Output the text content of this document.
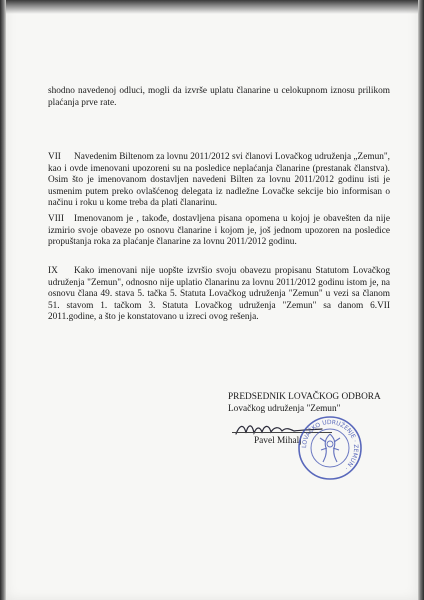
shodno navedenoj odluci, mogli da izvrše uplatu članarine u celokupnom iznosu prilikom plaćanja prve rate.
VII Navedenim Biltenom za lovnu 2011/2012 svi članovi Lovačkog udruženja „Zemun", kao i ovde imenovani upozoreni su na posledice neplaćanja članarine (prestanak članstva). Osim što je imenovanom dostavljen navedeni Bilten za lovnu 2011/2012 godinu isti je usmenim putem preko ovlašćenog delegata iz nadležne Lovačke sekcije bio informisan o načinu i roku u kome treba da plati članarinu.
VIII Imenovanom je , takođe, dostavljena pisana opomena u kojoj je obavešten da nije izmirio svoje obaveze po osnovu članarine i kojom je, još jednom upozoren na posledice propuštanja roka za plaćanje članarine za lovnu 2011/2012 godinu.
IX Kako imenovani nije uopšte izvršio svoju obavezu propisanu Statutom Lovačkog udruženja "Zemun", odnosno nije uplatio članarinu za lovnu 2011/2012 godinu istom je, na osnovu člana 49. stava 5. tačka 5. Statuta Lovačkog udruženja "Zemun" u vezi sa članom 51. stavom 1. tačkom 3. Statuta Lovačkog udruženja "Zemun" sa danom 6.VII 2011.godine, a što je konstatovano u izreci ovog rešenja.
PREDSEDNIK LOVAČKOG ODBORA
Lovačkog udruženja "Zemun"
Pavel Mihalj
LOVAČKO UDRUŽENJE · ZEMUN ·
